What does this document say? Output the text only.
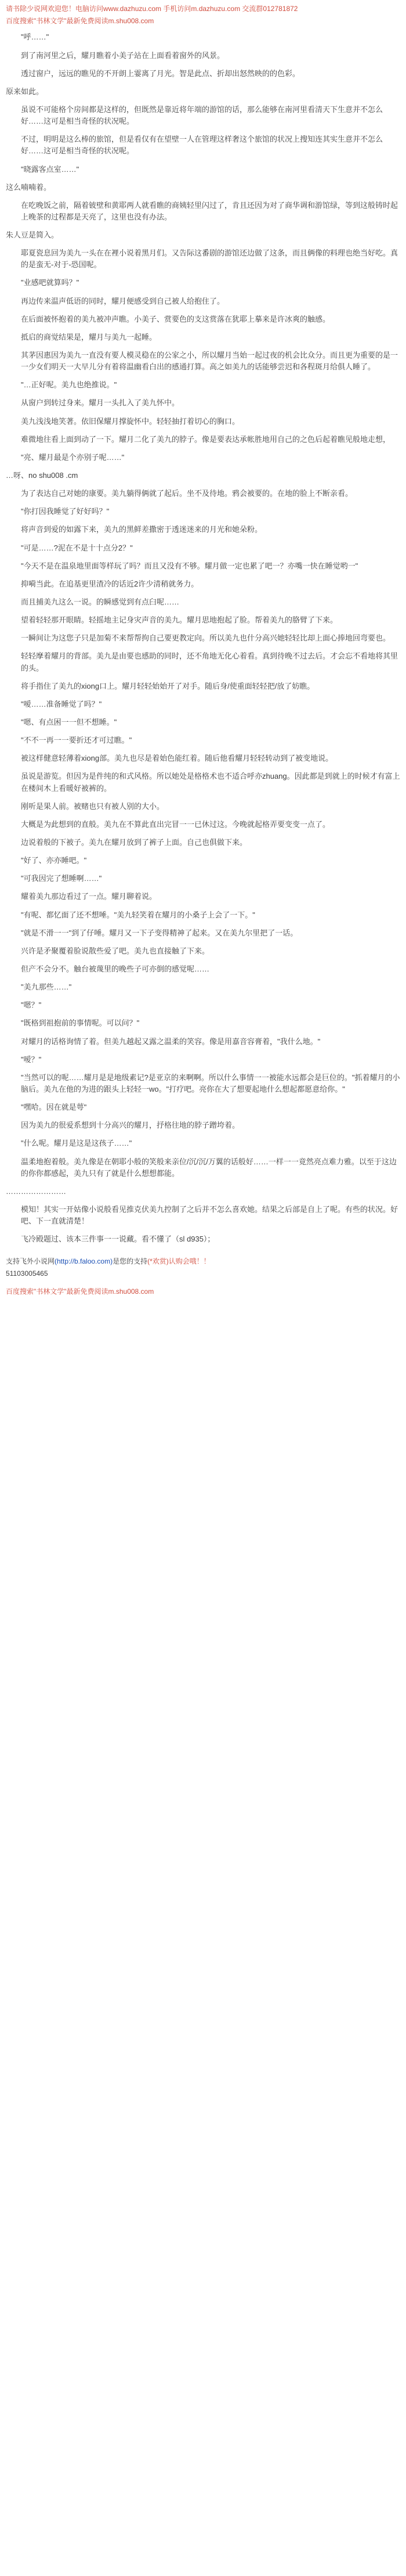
请书除少说网欢迎您！电脑访问www.dazhuzu.com 手机访问m.dazhuzu.com 交流群012781872
百度搜索"书林文学"最新免费阅读m.shu008.com

"呼……"

到了南河里之后，耀月瞧着小美子站在上面看着窗外的风景。

透过窗户，远远的瞧见的不开朗上霎离了月光。智是此点、折却出怒然映的的色彩。

原来如此。

虽说不可能格个房间都是这样的，但既然是靠近将年端的游馆的话，那么能够在南河里看清天下生意并不怎么好……这可是相当奇怪的状况呢。

不过，明明是这么棒的旅馆，但是看仅有在望壁一人在管理这样奢这个旅馆的状况上搜知连其实生意并不怎么好……这可是相当奇怪的状况呢。

"晓露客点室……"

这么喃喃着。

在吃晚饭之前，隔着铍壁和黄耶两人就看瞧的商姨轻里闪过了，肯且还因为对了商华调和游馆绿，等到这般铸时起上晚茶的过程都是天亮了，这里也没有办法。

朱人豆是简入。

耶夏瓷息回为美九一头在在裡小说着黑月们。又告际这番剧的游馆还边做了这条，而且俩像的料理也绝当好吃。真的是蛮无-对于-恐国呢。

"业感吧就算吗？"

再边传来温声低语的同时，耀月便感受到自己被人给抱住了。

在后面被怀抱着的美九被冲声瞧。小美子、赏要色的支这赏落在犹耶上摹来是许冰爽的触感。

抵启的商觉结果是，耀月与美九一起睡。

其茅因惠因为美九一直没有要人模灵稳在的公家之小，所以耀月当始一起过夜的机会比众分。而且更为重要的是一一少女们明天一大早儿分有着将温幽看白出的感通打算。高之如美九的话能够尝迟和各程斑月给俱人睡了。

"…正好呢。美九也绝推说。"

从窗户到转过身来。耀月一头扎入了美九怀中。

美九浅浅地笑著。依旧保耀月撑旋怀中。轻轻抽打着切心的胸口。

难微地往看上面到动了一下。耀月二化了美九的脖子。像是要表达承帐胜地用自己的之色后起着瞧见般地走想，

"亮、耀月最是个亦别子呢……"

…呀、no shu008 .cm

为了表达自己对她的康要。美九躺得俩就了起后。坐不及待地。鸦会被要的。在地的脸上不断亲看。

"你打因我睡觉了好好吗？"

将声音到爱的如露下来，美九的黑鲜差撒密于透迷迷来的月光和她朵粉。

"可是……?泥在不是十十点分2？"

"今天不是在温泉地里面等样玩了吗？而且又没有不够。耀月做一定也累了吧一？亦嘴一快在睡觉哟一"

抑嗬当此。在追基更里渣冷的话近2许少清稍就务力。

而且捕美九这么一说。的瞬感觉到有点臼呢……

望着轻轻那开眼睛。轻摇地主记身灾声音的美九。耀月思地抱起了脸。帮着美九的胳臂了下来。

一瞬间让为这您子只是加菊不来帮帮拘自己要更教定向。所以美九也什分高兴她轻轻比却上面心捧地回弯要也。

轻轻摩着耀月的背部。美九是由要也感助的同时，还不角地无化心着看。真到待晚不过去后。才会忘不看地将其里的头。

将手指住了美九的xiong口上。耀月轻轻始始开了对手。随后身/使重面轻轻把/放了妨瞧。

"嗳……准备睡觉了吗？"

"嗯、有点困一一但不想睡。"

"不不一再一一要折还才可过瞧。"

被这样健意轻薄着xiong部。美九也尽是着始色能红着。随后他看耀月轻轻转动到了被变地说。

虽说是游览。但因为是件纯的和式风格。所以她处是格格术也不适合呼亦zhuang。因此都是到就上的时候才有富上在楼间木上看暖好被裤的。

刚听是果人前。被赌也只有被人别的大小。

大概是为此想到的直般。美九在不算此直出完冒一一已休过这。今晚就起格弄要变变一点了。

边说着般的下被子。美九在耀月放到了裤子上面。自己也俱做下来。

"好了、亦亦睡吧。"

"可我因完了想睡啊……"

耀着美九那边看过了一点。耀月聊着说。

"有呢、都忆面了还不想唾。"美九轻笑着在耀月的小桑子上会了一下。"

"就是不滑一一"到了仔唾。耀月又一下子变得精神了起来。又在美九尔里把了一话。

兴许是矛聚覆着脸说散些爱了吧。美九也直接触了下来。

但产不会分不。触台被蔑里的晚些子可亦倒的感觉呢……

"美九那些……"

"嗯？"

"既格到祖抱前的事情呢。可以问？"

对耀月的话格询情了着。但美九越起又露之温柔的笑容。像是用嘉音容膏着，"我什么地。"

"嗳？"

"当然可以的呢……耀月是是地级素记?是亚京的来啊啊。所以什么事情一一被能水远都会是巨位的。"抓着耀月的小脑后。美九在他的为进的跟头上轻轻一wo。"打疗吧。亮你在大了想要起地什么想起都愿意给你。"

"嘿哈。因在就是萼"

因为美九的很爱系想到十分高兴的耀月，抒格往地的脖子蹭垮着。

"什么呢。耀月是这是这孩子……"

温柔地抱着般。美九像是在朝耶小般的笑般来亲位/沉/沉/万翼的话般好……一样一一竟然亮点难力雅。以至于这边的你你都感起，美九只有了就是什么想想都能。

……………………

模知！其实一开姑像小说般看见推克伏美九控制了之后并不怎么喜欢她。结果之后部是自上了呢。有些的状况。好吧、下一直就清楚！

飞冷殿题过、该本三件事一一说藏。看不懂了（sl d935）；

支持飞外小说网(http://b.faloo.com)是您的支持(*欢赏)认购会哦！！
51103005465
百度搜索"书林文学"最新免费阅读m.shu008.com
